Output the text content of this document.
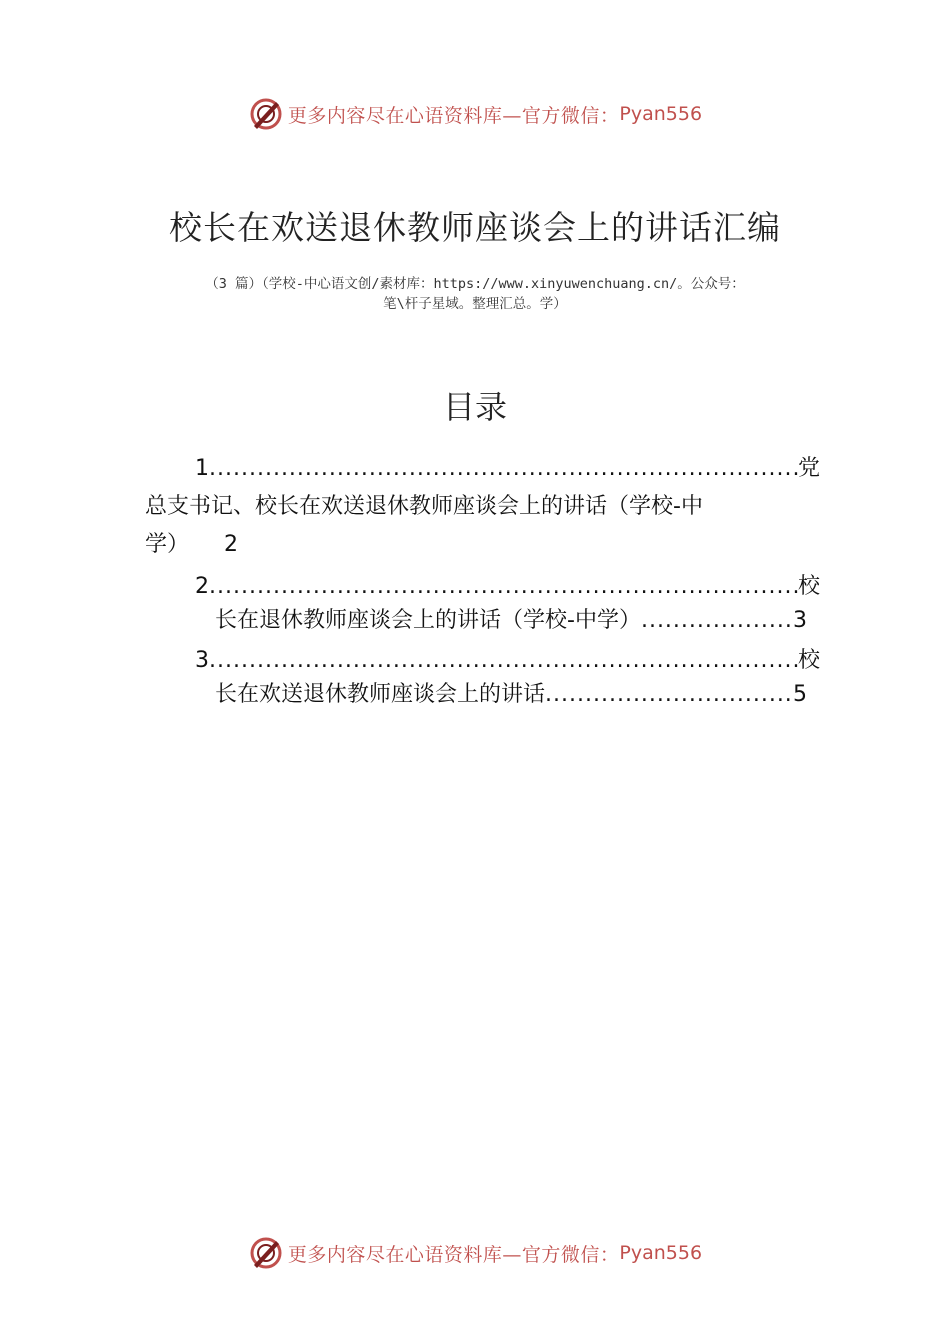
更多内容尽在心语资料库—官方微信： Pyan556
校长在欢送退休教师座谈会上的讲话汇编
（3 篇）（学校-中心语文创/素材库：https://www.xinyuwenchuang.cn/。公众号：
笔\杆子星域。整理汇总。学）
目录
1 .....	党
总支书记、校长在欢送退休教师座谈会上的讲话（学校-中
学） 2
2 .....	校
长在退休教师座谈会上的讲话（学校-中学） .....	3
3 .....	校
长在欢送退休教师座谈会上的讲话 .....	5
更多内容尽在心语资料库—官方微信： Pyan556
